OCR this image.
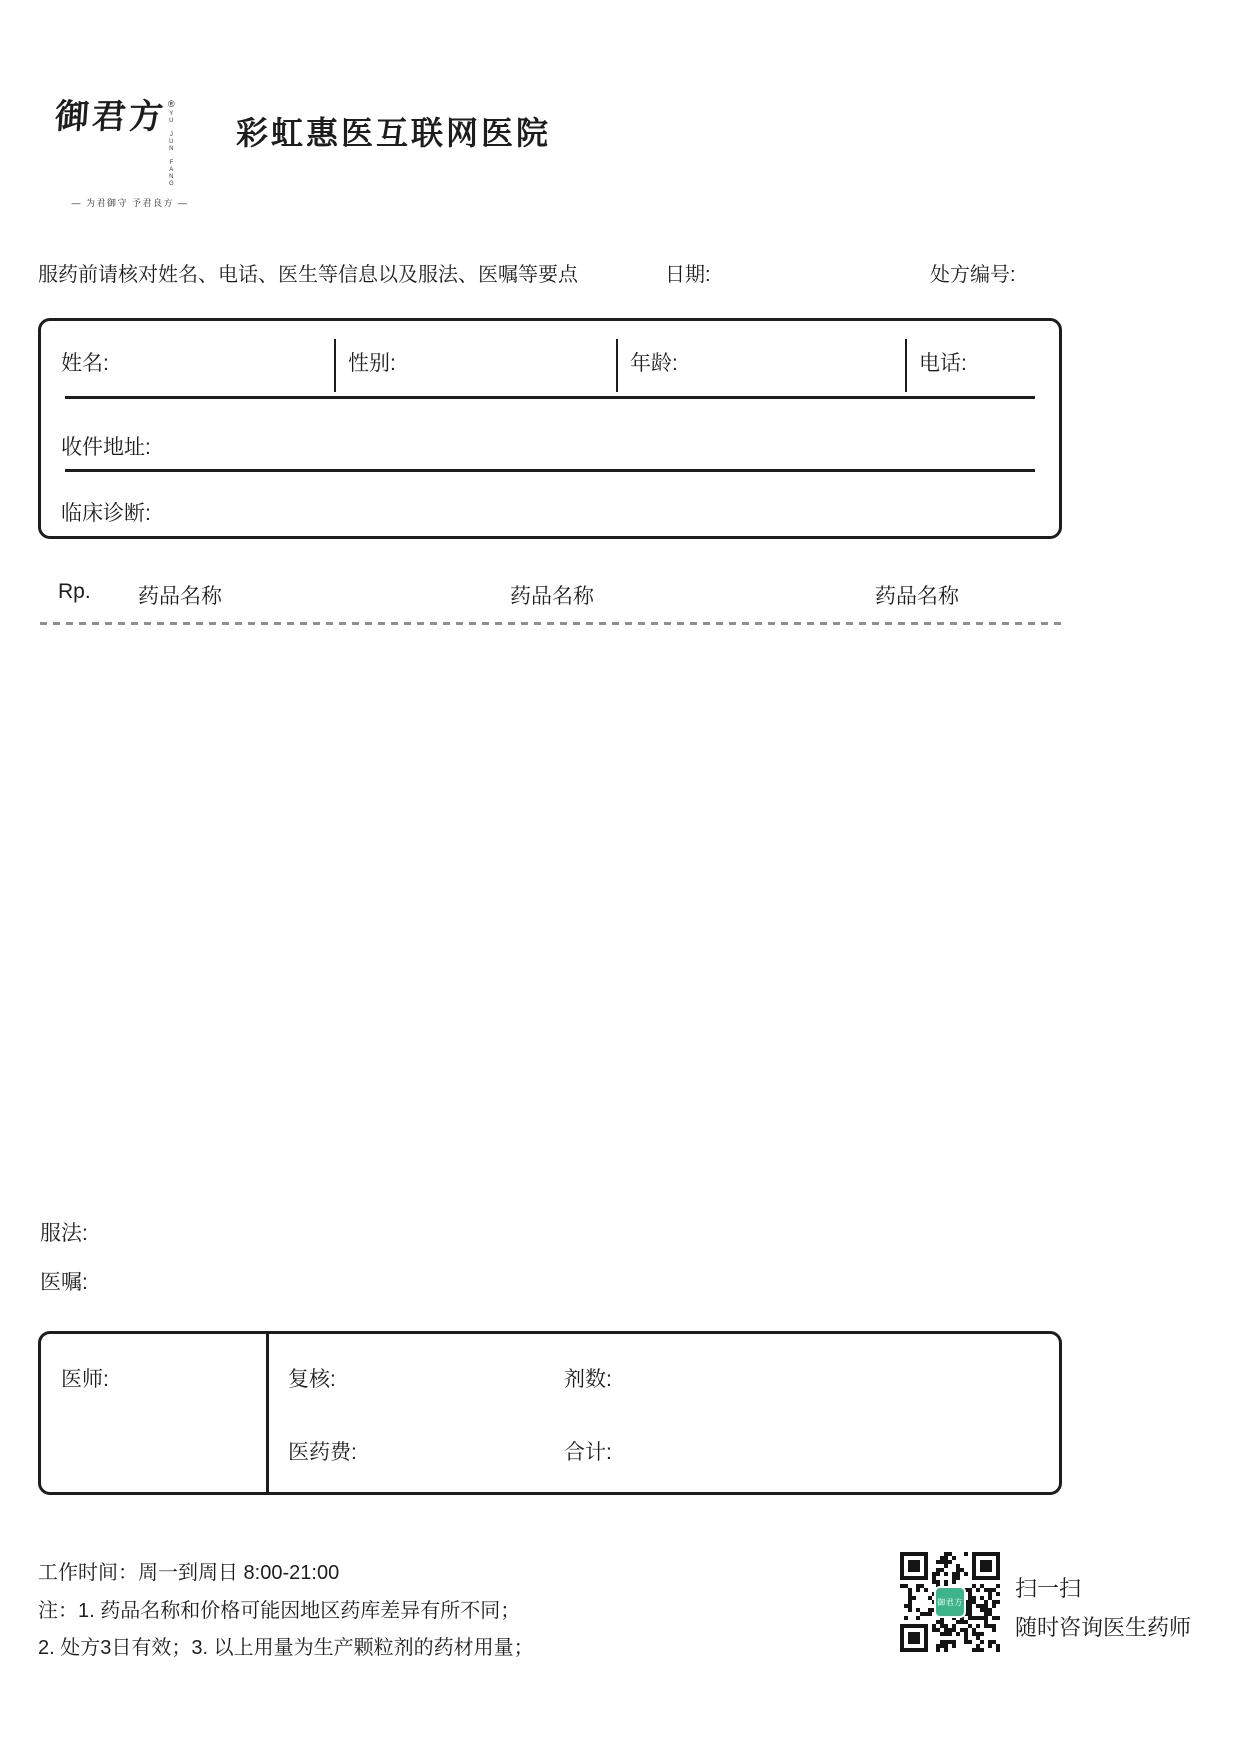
御君方 ®
YU JUN FANG
— 为君御守 予君良方 —
彩虹惠医互联网医院
服药前请核对姓名、电话、医生等信息以及服法、医嘱等要点	日期:	处方编号:
姓名:	性别:	年龄:	电话:
收件地址:
临床诊断:
Rp. 药品名称	药品名称	药品名称
服法:
医嘱:
医师:	复核:	剂数:
医药费:	合计:
工作时间：周一到周日 8:00-21:00
注：1. 药品名称和价格可能因地区药库差异有所不同；
2. 处方3日有效；3. 以上用量为生产颗粒剂的药材用量；
御君方
扫一扫
随时咨询医生药师
